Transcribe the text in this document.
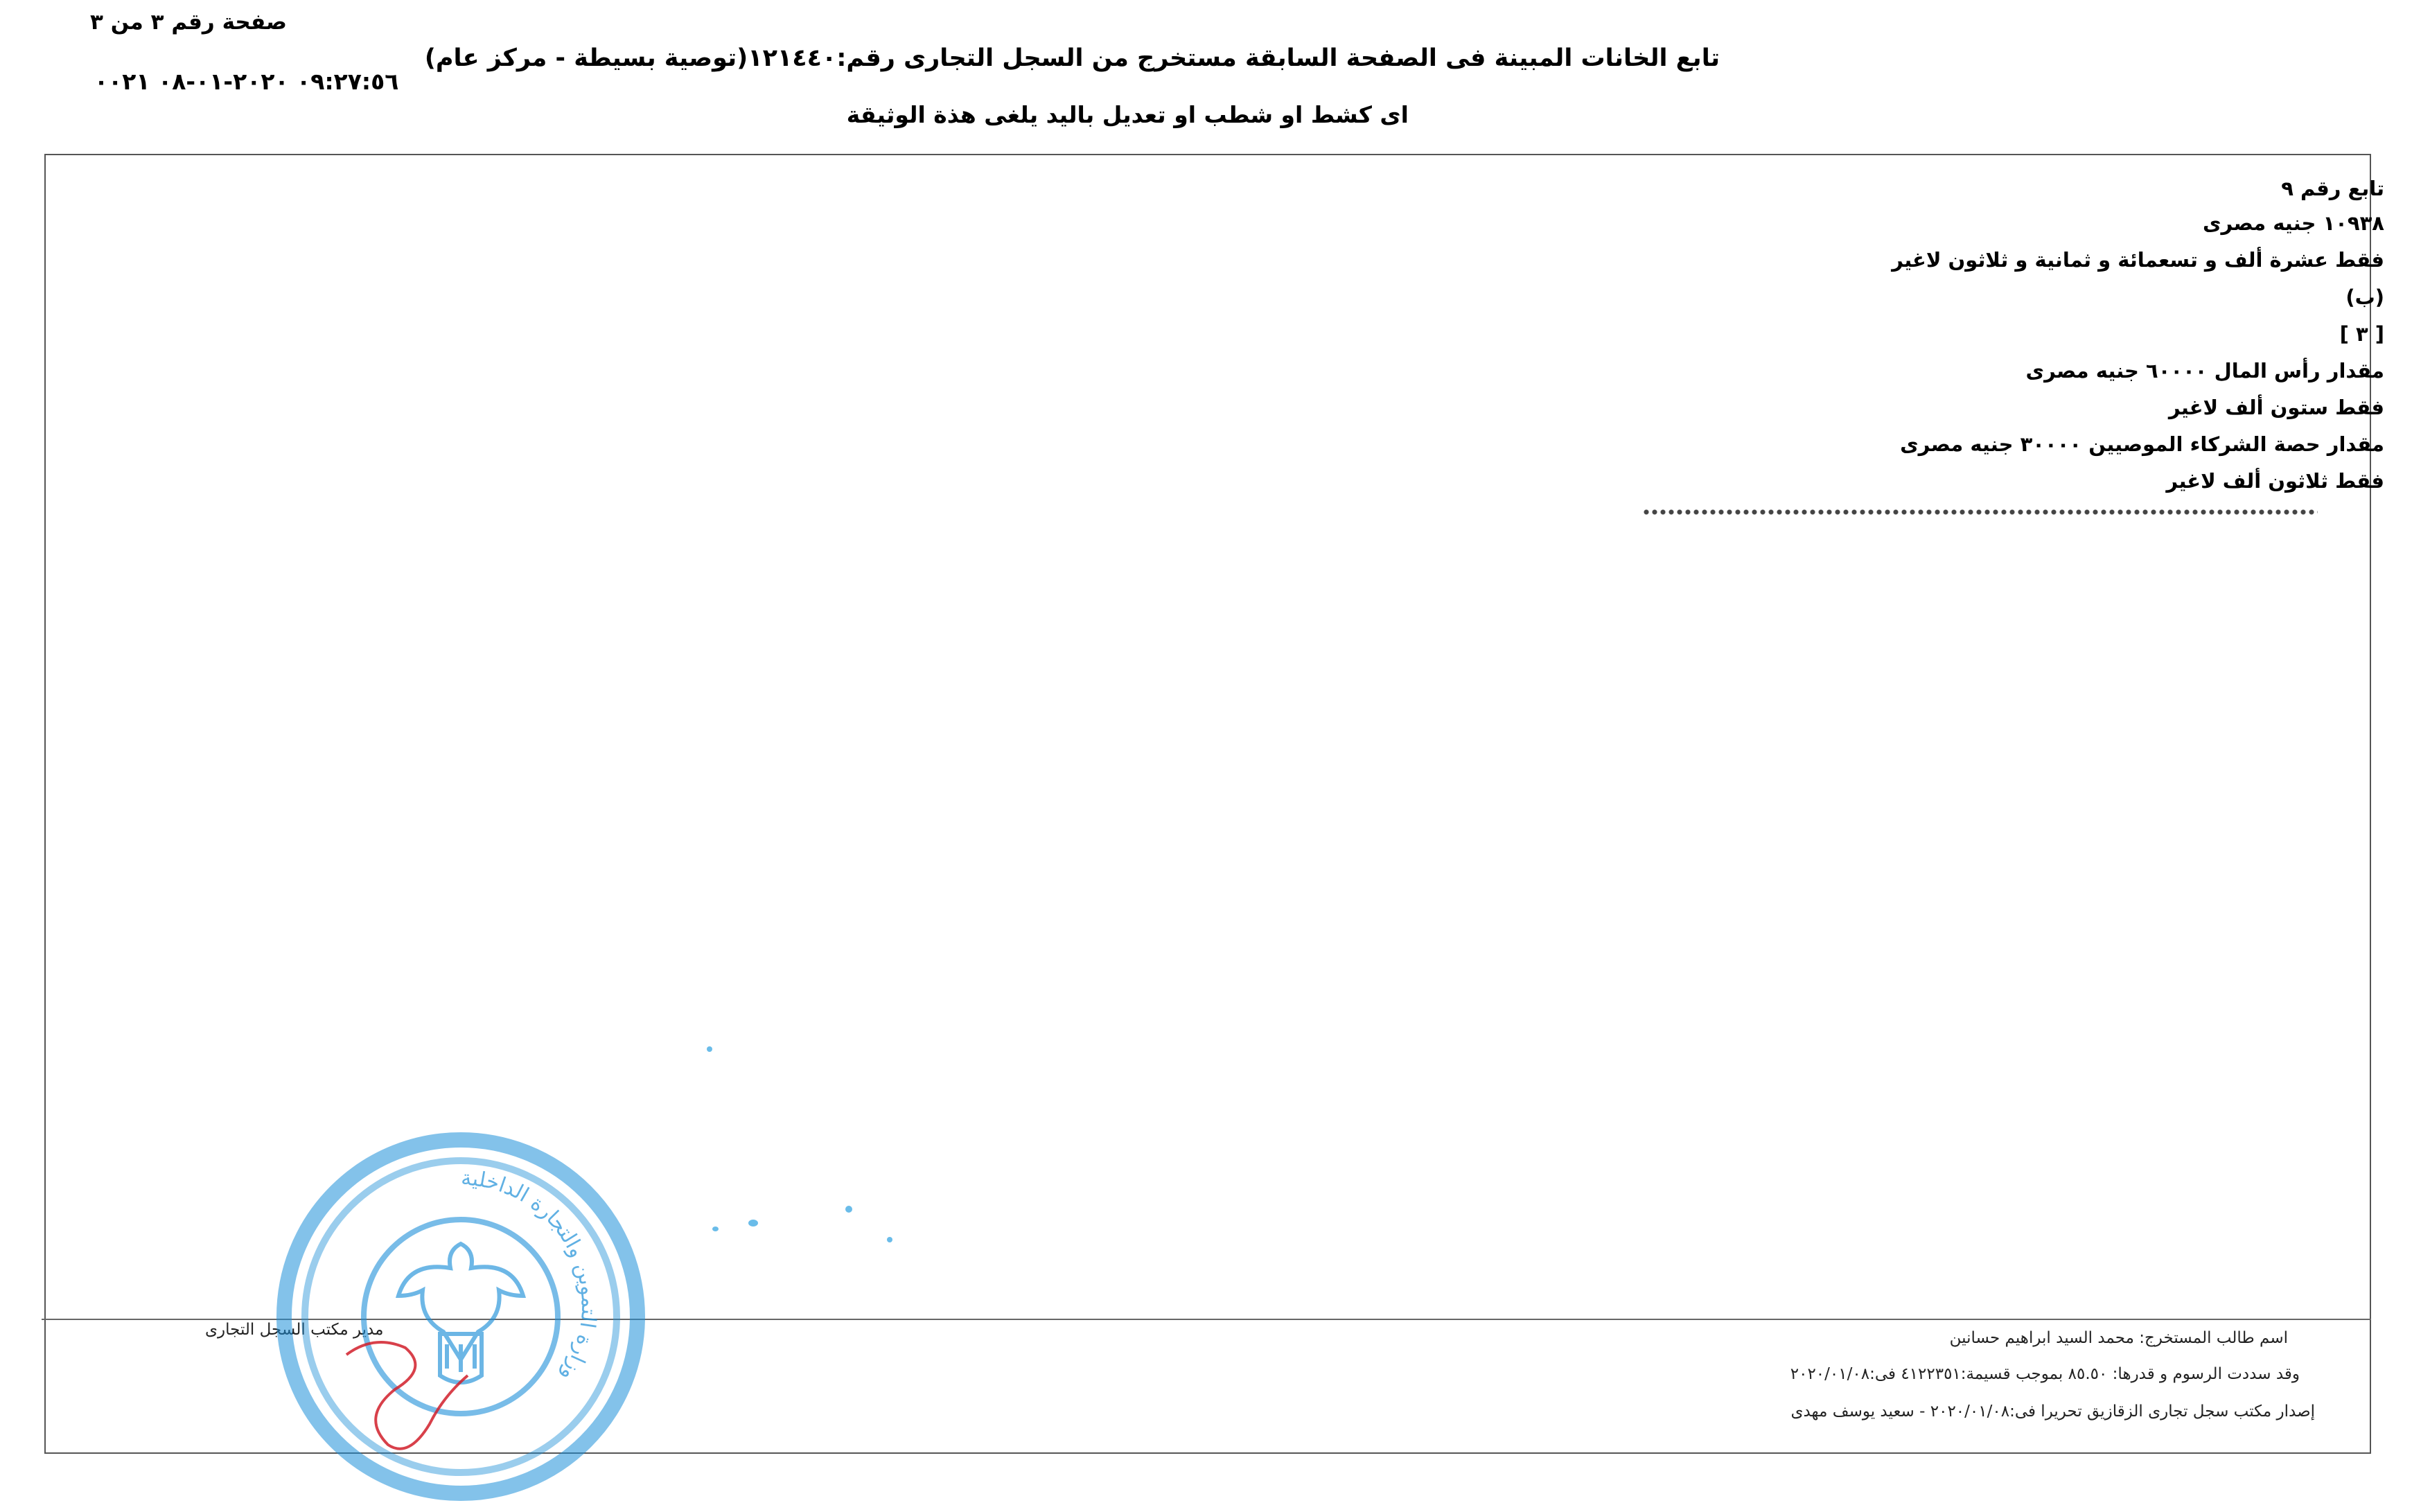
صفحة رقم ٣ من ٣
٠٩:٢٧:٥٦ ٢٠٢٠-٠١-٠٨ ٠٠٢١
تابع الخانات المبينة فى الصفحة السابقة مستخرج من السجل التجارى رقم:١٢١٤٤٠(توصية بسيطة - مركز عام)
اى كشط او شطب او تعديل باليد يلغى هذة الوثيقة
تابع رقم ٩
١٠٩٣٨ جنيه مصرى
فقط عشرة ألف و تسعمائة و ثمانية و ثلاثون لاغير
(ب)
[ ٣ ]
مقدار رأس المال ٦٠٠٠٠ جنيه مصرى
فقط ستون ألف لاغير
مقدار حصة الشركاء الموصيين ٣٠٠٠٠ جنيه مصرى
فقط ثلاثون ألف لاغير
اسم طالب المستخرج: محمد السيد ابراهيم حسانين
وقد سددت الرسوم و قدرها: ٨٥.٥٠ بموجب قسيمة:٤١٢٢٣٥١ فى:٢٠٢٠/٠١/٠٨
إصدار مكتب سجل تجارى الزقازيق تحريرا فى:٢٠٢٠/٠١/٠٨ - سعيد يوسف مهدى
مدير مكتب السجل التجارى
وزارة التموين والتجارة الداخلية
